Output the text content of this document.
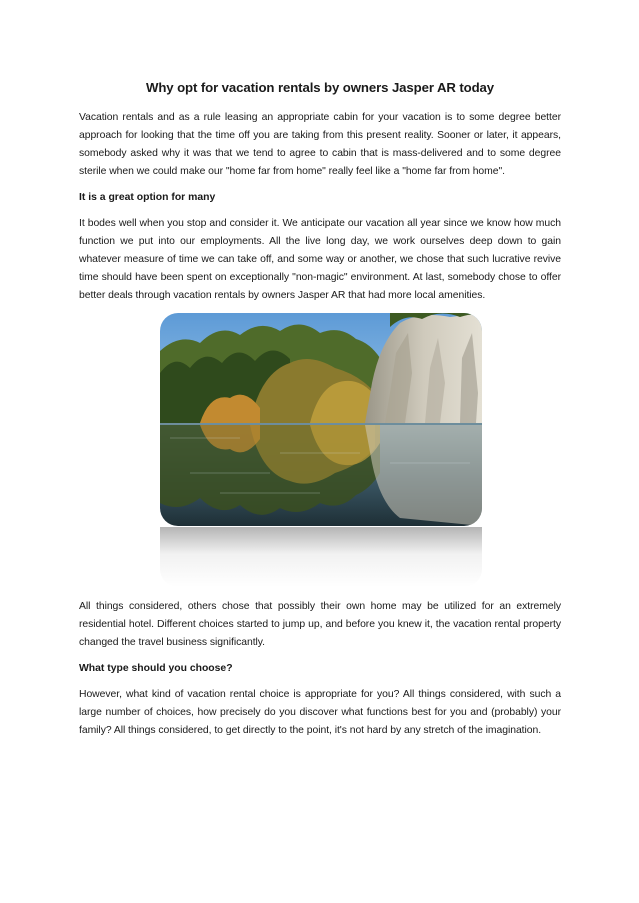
Why opt for vacation rentals by owners Jasper AR today

Vacation rentals and as a rule leasing an appropriate cabin for your vacation is to some degree better approach for looking that the time off you are taking from this present reality. Sooner or later, it appears, somebody asked why it was that we tend to agree to cabin that is mass-delivered and to some degree sterile when we could make our "home far from home" really feel like a "home far from home".

It is a great option for many

It bodes well when you stop and consider it. We anticipate our vacation all year since we know how much function we put into our employments. All the live long day, we work ourselves deep down to gain whatever measure of time we can take off, and some way or another, we chose that such lucrative revive time should have been spent on exceptionally "non-magic" environment. At last, somebody chose to offer better deals through vacation rentals by owners Jasper AR that had more local amenities.

All things considered, others chose that possibly their own home may be utilized for an extremely residential hotel. Different choices started to jump up, and before you knew it, the vacation rental property changed the travel business significantly.

What type should you choose?

However, what kind of vacation rental choice is appropriate for you? All things considered, with such a large number of choices, how precisely do you discover what functions best for you and (probably) your family? All things considered, to get directly to the point, it's not hard by any stretch of the imagination.
